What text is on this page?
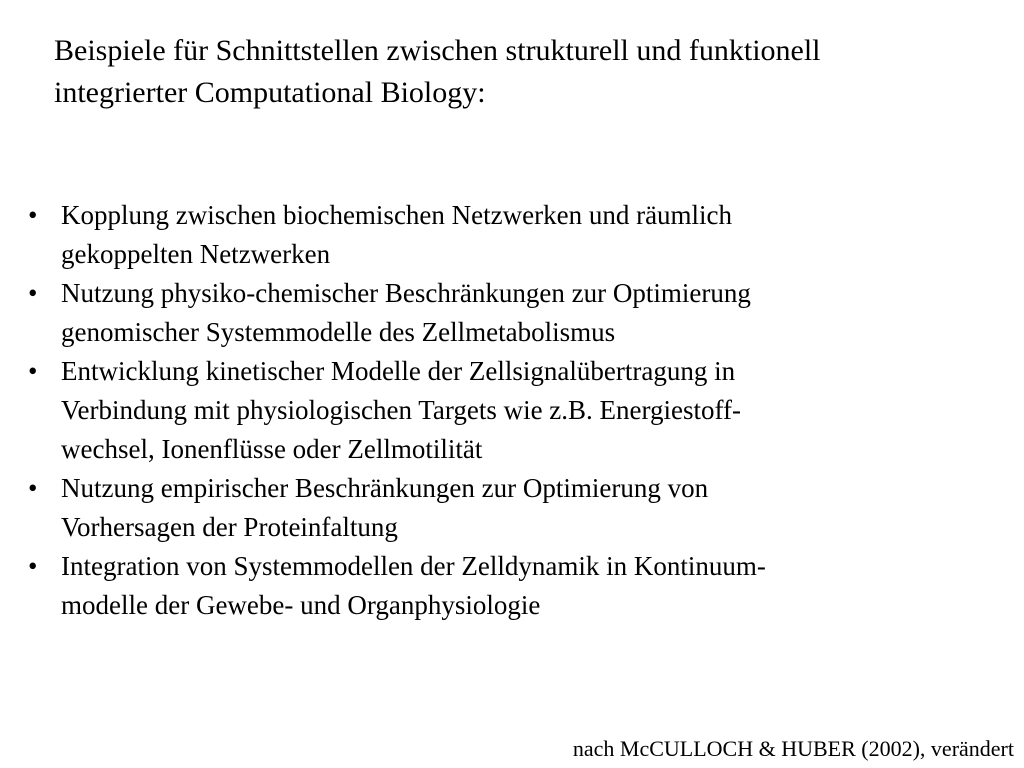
Beispiele für Schnittstellen zwischen strukturell und funktionell
integrierter Computational Biology:
• Kopplung zwischen biochemischen Netzwerken und räumlich
gekoppelten Netzwerken
• Nutzung physiko-chemischer Beschränkungen zur Optimierung
genomischer Systemmodelle des Zellmetabolismus
• Entwicklung kinetischer Modelle der Zellsignalübertragung in
Verbindung mit physiologischen Targets wie z.B. Energiestoff-
wechsel, Ionenflüsse oder Zellmotilität
• Nutzung empirischer Beschränkungen zur Optimierung von
Vorhersagen der Proteinfaltung
• Integration von Systemmodellen der Zelldynamik in Kontinuum-
modelle der Gewebe- und Organphysiologie
nach McCULLOCH & HUBER (2002), verändert
